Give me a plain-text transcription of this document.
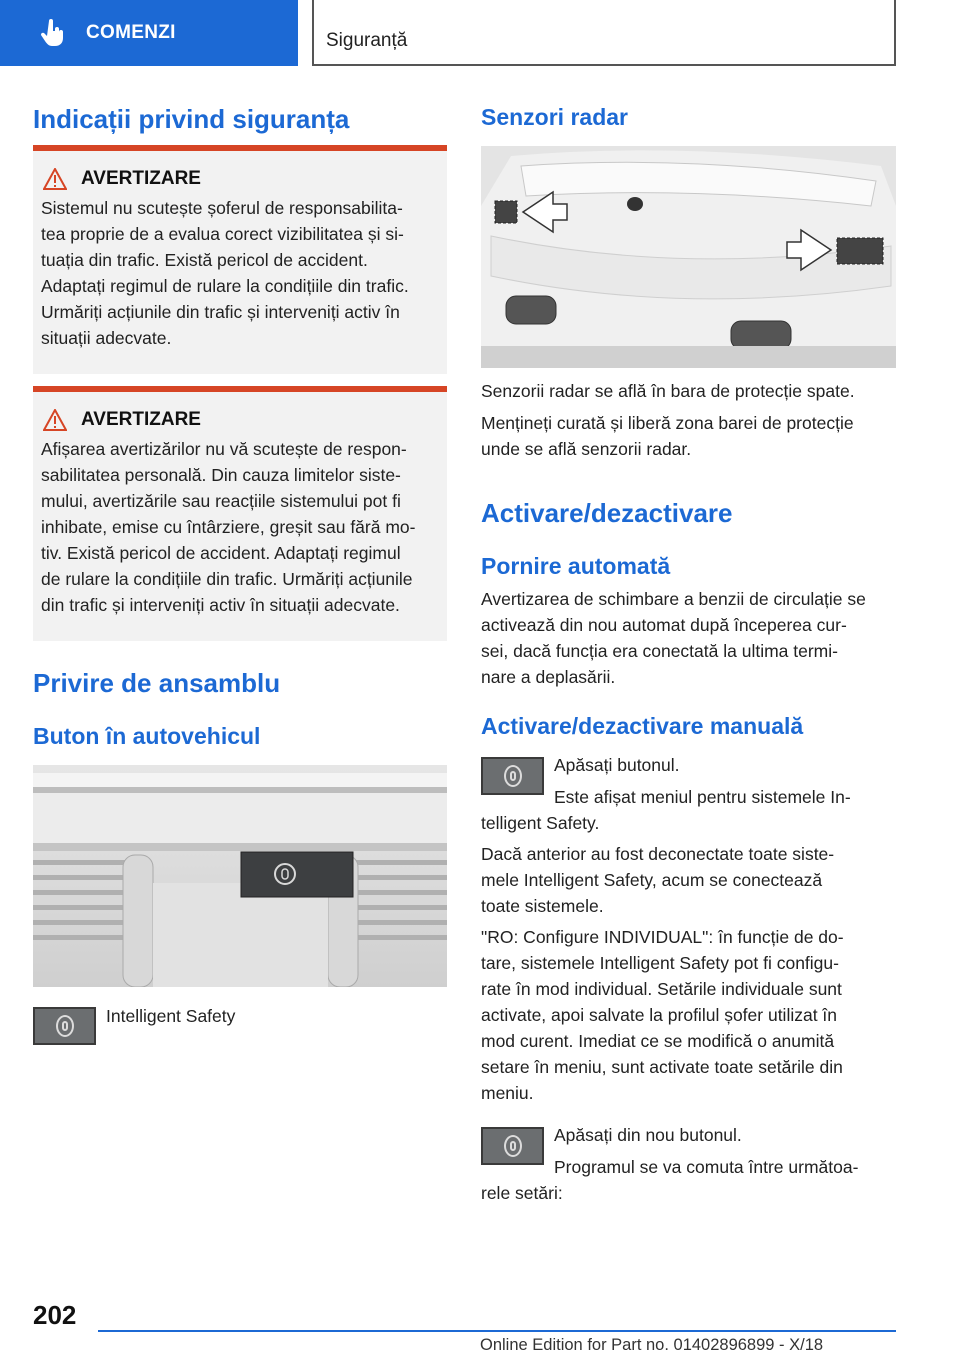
COMENZI	Siguranță
Indicații privind siguranța
AVERTIZARE
Sistemul nu scutește șoferul de responsabilita-
tea proprie de a evalua corect vizibilitatea și si-
tuația din trafic. Există pericol de accident.
Adaptați regimul de rulare la condițiile din trafic.
Urmăriți acțiunile din trafic și interveniți activ în
situații adecvate.
AVERTIZARE
Afișarea avertizărilor nu vă scutește de respon-
sabilitatea personală. Din cauza limitelor siste-
mului, avertizările sau reacțiile sistemului pot fi
inhibate, emise cu întârziere, greșit sau fără mo-
tiv. Există pericol de accident. Adaptați regimul
de rulare la condițiile din trafic. Urmăriți acțiunile
din trafic și interveniți activ în situații adecvate.
Privire de ansamblu
Buton în autovehicul
Intelligent Safety
Senzori radar
Senzorii radar se află în bara de protecție spate.
Mențineți curată și liberă zona barei de protecție
unde se află senzorii radar.
Activare/dezactivare
Pornire automată
Avertizarea de schimbare a benzii de circulație se
activează din nou automat după începerea cur-
sei, dacă funcția era conectată la ultima termi-
nare a deplasării.
Activare/dezactivare manuală
Apăsați butonul.
Este afișat meniul pentru sistemele In-
telligent Safety.
Dacă anterior au fost deconectate toate siste-
mele Intelligent Safety, acum se conectează
toate sistemele.
"RO: Configure INDIVIDUAL": în funcție de do-
tare, sistemele Intelligent Safety pot fi configu-
rate în mod individual. Setările individuale sunt
activate, apoi salvate la profilul șofer utilizat în
mod curent. Imediat ce se modifică o anumită
setare în meniu, sunt activate toate setările din
meniu.
Apăsați din nou butonul.
Programul se va comuta între următoa-
rele setări:
202
Online Edition for Part no. 01402896899 - X/18
